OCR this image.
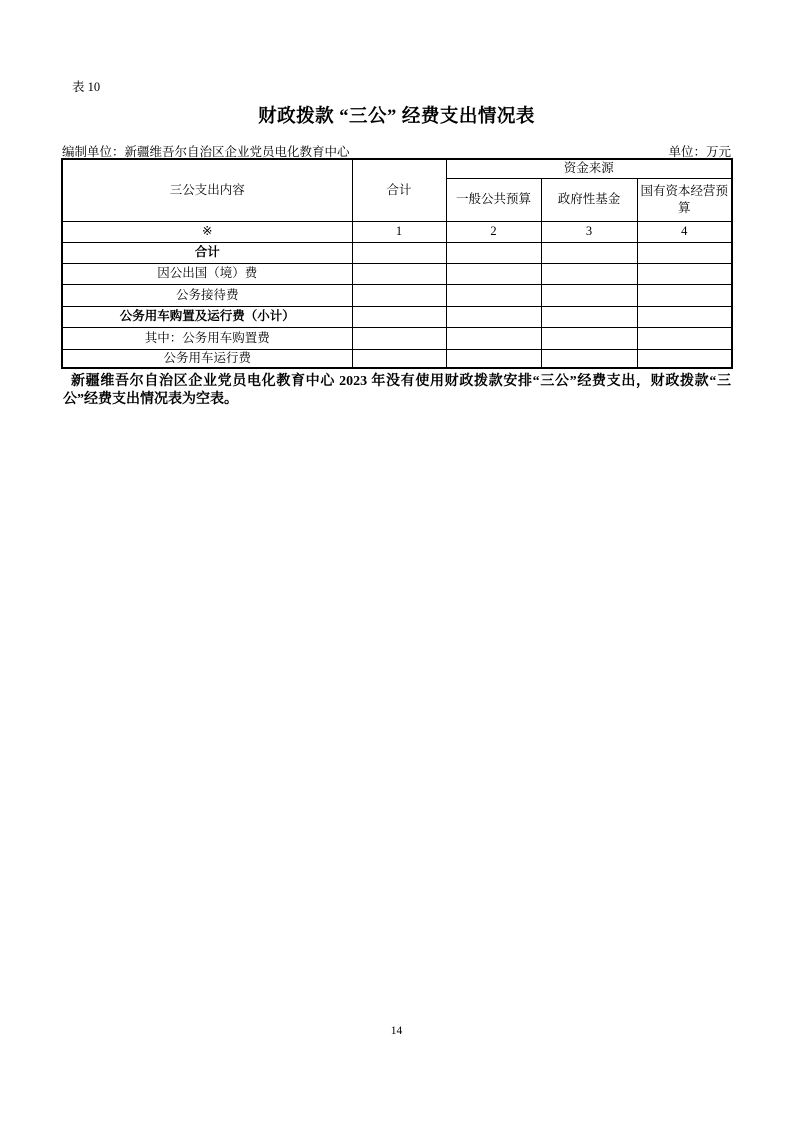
表 10
财政拨款 “三公” 经费支出情况表
编制单位：新疆维吾尔自治区企业党员电化教育中心	单位：万元
三公支出内容	合计	资金来源		
		一般公共预算	政府性基金	国有资本经营预算
※	1	2	3	4
合计				
因公出国（境）费				
公务接待费				
公务用车购置及运行费（小计）				
其中：公务用车购置费				
公务用车运行费				

新疆维吾尔自治区企业党员电化教育中心 2023 年没有使用财政拨款安排“三公”经费支出，财政拨款“三公”经费支出情况表为空表。

14
